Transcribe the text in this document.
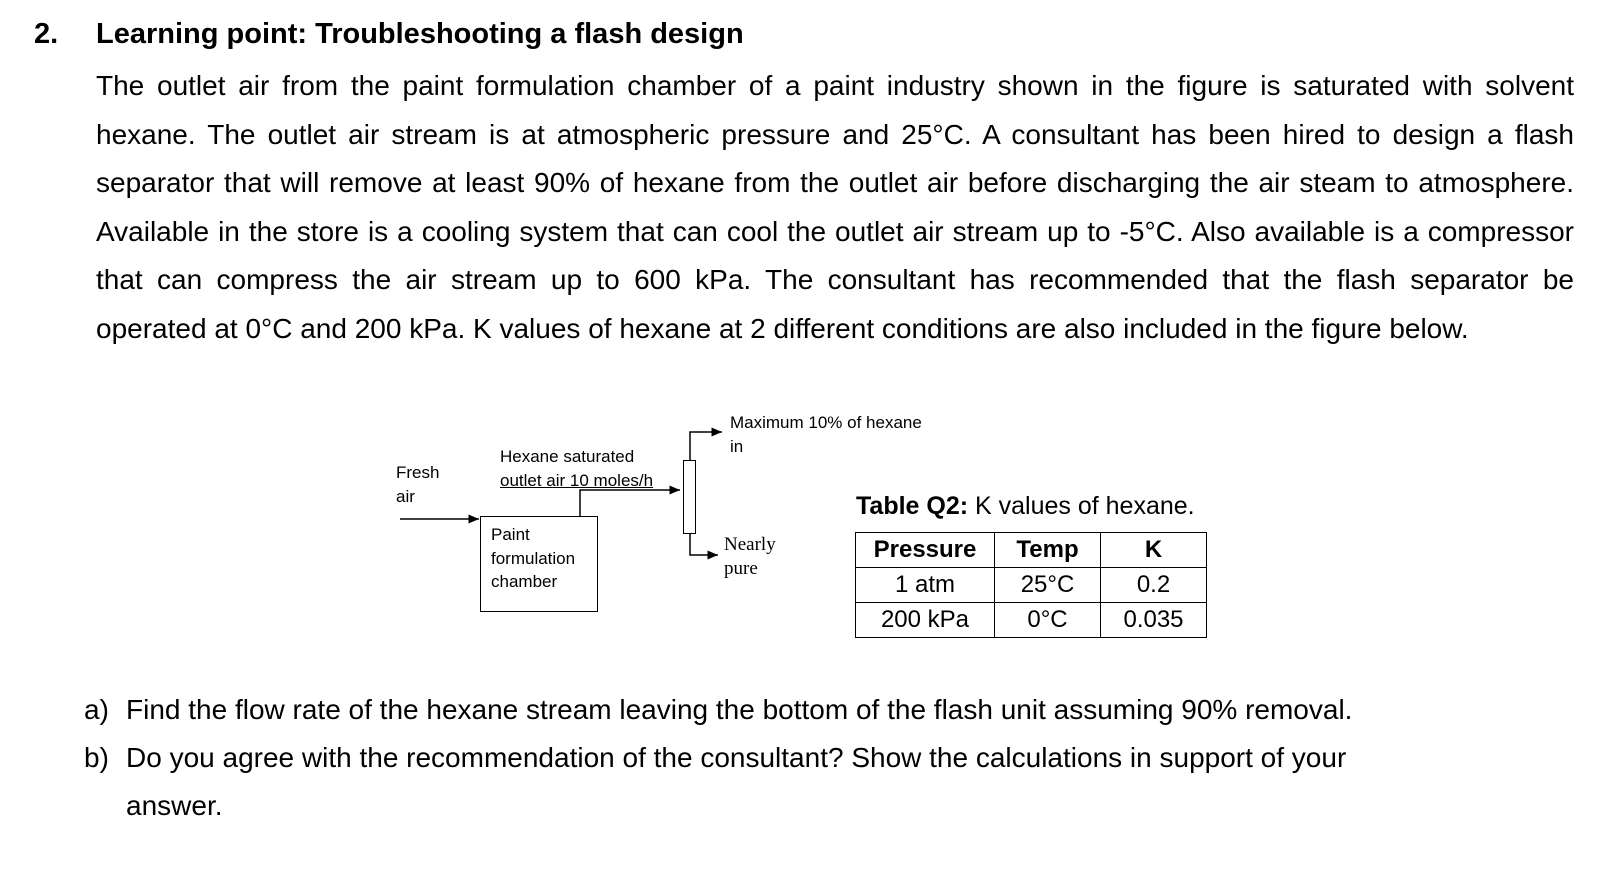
2. Learning point: Troubleshooting a flash design
The outlet air from the paint formulation chamber of a paint industry shown in the figure is saturated with solvent hexane. The outlet air stream is at atmospheric pressure and 25°C. A consultant has been hired to design a flash separator that will remove at least 90% of hexane from the outlet air before discharging the air steam to atmosphere. Available in the store is a cooling system that can cool the outlet air stream up to -5°C. Also available is a compressor that can compress the air stream up to 600 kPa. The consultant has recommended that the flash separator be operated at 0°C and 200 kPa. K values of hexane at 2 different conditions are also included in the figure below.
Fresh
air
Hexane saturated
outlet air 10 moles/h
Paint
formulation
chamber
Maximum 10% of hexane
in
Nearly
pure
Table Q2: K values of hexane.
Pressure	Temp	K
1 atm	25°C	0.2
200 kPa	0°C	0.035
a) Find the flow rate of the hexane stream leaving the bottom of the flash unit assuming 90% removal.
b) Do you agree with the recommendation of the consultant? Show the calculations in support of your
answer.
